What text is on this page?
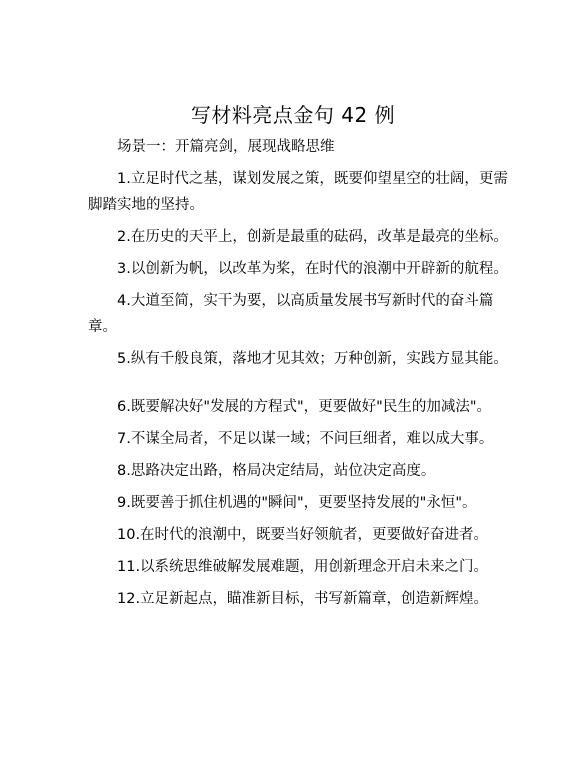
写材料亮点金句 42 例
场景一：开篇亮剑，展现战略思维
1.立足时代之基，谋划发展之策，既要仰望星空的壮阔，更需脚踏实地的坚持。
2.在历史的天平上，创新是最重的砝码，改革是最亮的坐标。
3.以创新为帆，以改革为桨，在时代的浪潮中开辟新的航程。
4.大道至简，实干为要，以高质量发展书写新时代的奋斗篇章。
5.纵有千般良策，落地才见其效；万种创新，实践方显其能。
6.既要解决好"发展的方程式"，更要做好"民生的加减法"。
7.不谋全局者，不足以谋一域；不问巨细者，难以成大事。
8.思路决定出路，格局决定结局，站位决定高度。
9.既要善于抓住机遇的"瞬间"，更要坚持发展的"永恒"。
10.在时代的浪潮中，既要当好领航者，更要做好奋进者。
11.以系统思维破解发展难题，用创新理念开启未来之门。
12.立足新起点，瞄准新目标，书写新篇章，创造新辉煌。
